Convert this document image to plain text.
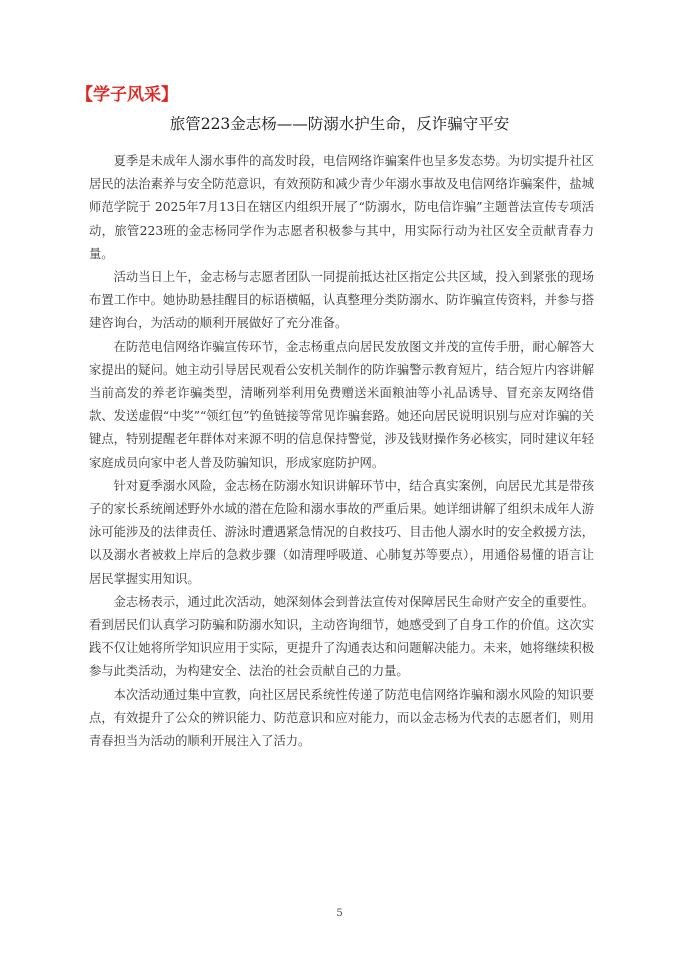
【学子风采】
旅管223金志杨——防溺水护生命，反诈骗守平安

夏季是未成年人溺水事件的高发时段，电信网络诈骗案件也呈多发态势。为切实提升社区居民的法治素养与安全防范意识，有效预防和减少青少年溺水事故及电信网络诈骗案件，盐城师范学院于 2025年7月13日在辖区内组织开展了“防溺水，防电信诈骗”主题普法宣传专项活动，旅管223班的金志杨同学作为志愿者积极参与其中，用实际行动为社区安全贡献青春力量。

活动当日上午，金志杨与志愿者团队一同提前抵达社区指定公共区域，投入到紧张的现场布置工作中。她协助悬挂醒目的标语横幅，认真整理分类防溺水、防诈骗宣传资料，并参与搭建咨询台，为活动的顺利开展做好了充分准备。

在防范电信网络诈骗宣传环节，金志杨重点向居民发放图文并茂的宣传手册，耐心解答大家提出的疑问。她主动引导居民观看公安机关制作的防诈骗警示教育短片，结合短片内容讲解当前高发的养老诈骗类型，清晰列举利用免费赠送米面粮油等小礼品诱导、冒充亲友网络借款、发送虚假“中奖”“领红包”钓鱼链接等常见诈骗套路。她还向居民说明识别与应对诈骗的关键点，特别提醒老年群体对来源不明的信息保持警觉，涉及钱财操作务必核实，同时建议年轻家庭成员向家中老人普及防骗知识，形成家庭防护网。

针对夏季溺水风险，金志杨在防溺水知识讲解环节中，结合真实案例，向居民尤其是带孩子的家长系统阐述野外水域的潜在危险和溺水事故的严重后果。她详细讲解了组织未成年人游泳可能涉及的法律责任、游泳时遭遇紧急情况的自救技巧、目击他人溺水时的安全救援方法，以及溺水者被救上岸后的急救步骤（如清理呼吸道、心肺复苏等要点），用通俗易懂的语言让居民掌握实用知识。

金志杨表示，通过此次活动，她深刻体会到普法宣传对保障居民生命财产安全的重要性。看到居民们认真学习防骗和防溺水知识，主动咨询细节，她感受到了自身工作的价值。这次实践不仅让她将所学知识应用于实际，更提升了沟通表达和问题解决能力。未来，她将继续积极参与此类活动，为构建安全、法治的社会贡献自己的力量。

本次活动通过集中宣教，向社区居民系统性传递了防范电信网络诈骗和溺水风险的知识要点，有效提升了公众的辨识能力、防范意识和应对能力，而以金志杨为代表的志愿者们，则用青春担当为活动的顺利开展注入了活力。

5
